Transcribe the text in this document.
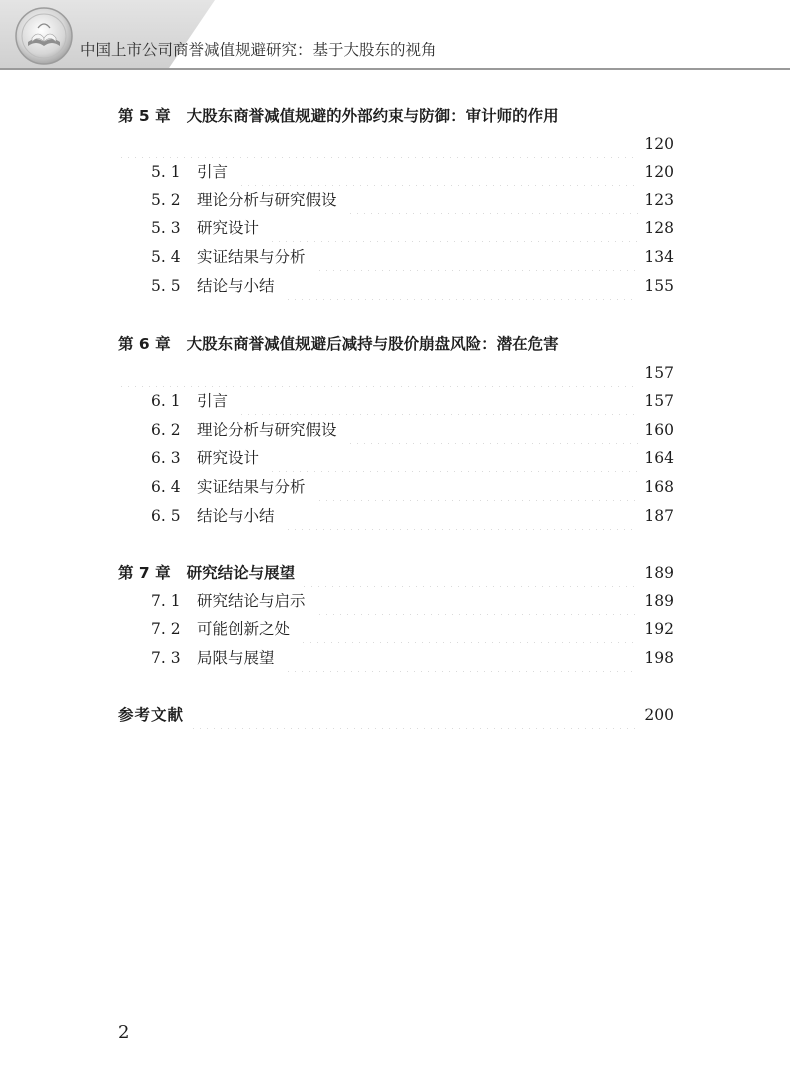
中国上市公司商誉减值规避研究：基于大股东的视角
第 5 章 大股东商誉减值规避的外部约束与防御：审计师的作用
120
5. 1	引言	120
5. 2	理论分析与研究假设	123
5. 3	研究设计	128
5. 4	实证结果与分析	134
5. 5	结论与小结	155
第 6 章 大股东商誉减值规避后减持与股价崩盘风险：潜在危害
157
6. 1	引言	157
6. 2	理论分析与研究假设	160
6. 3	研究设计	164
6. 4	实证结果与分析	168
6. 5	结论与小结	187
第 7 章 研究结论与展望	189
7. 1	研究结论与启示	189
7. 2	可能创新之处	192
7. 3	局限与展望	198
参考文献	200
2
